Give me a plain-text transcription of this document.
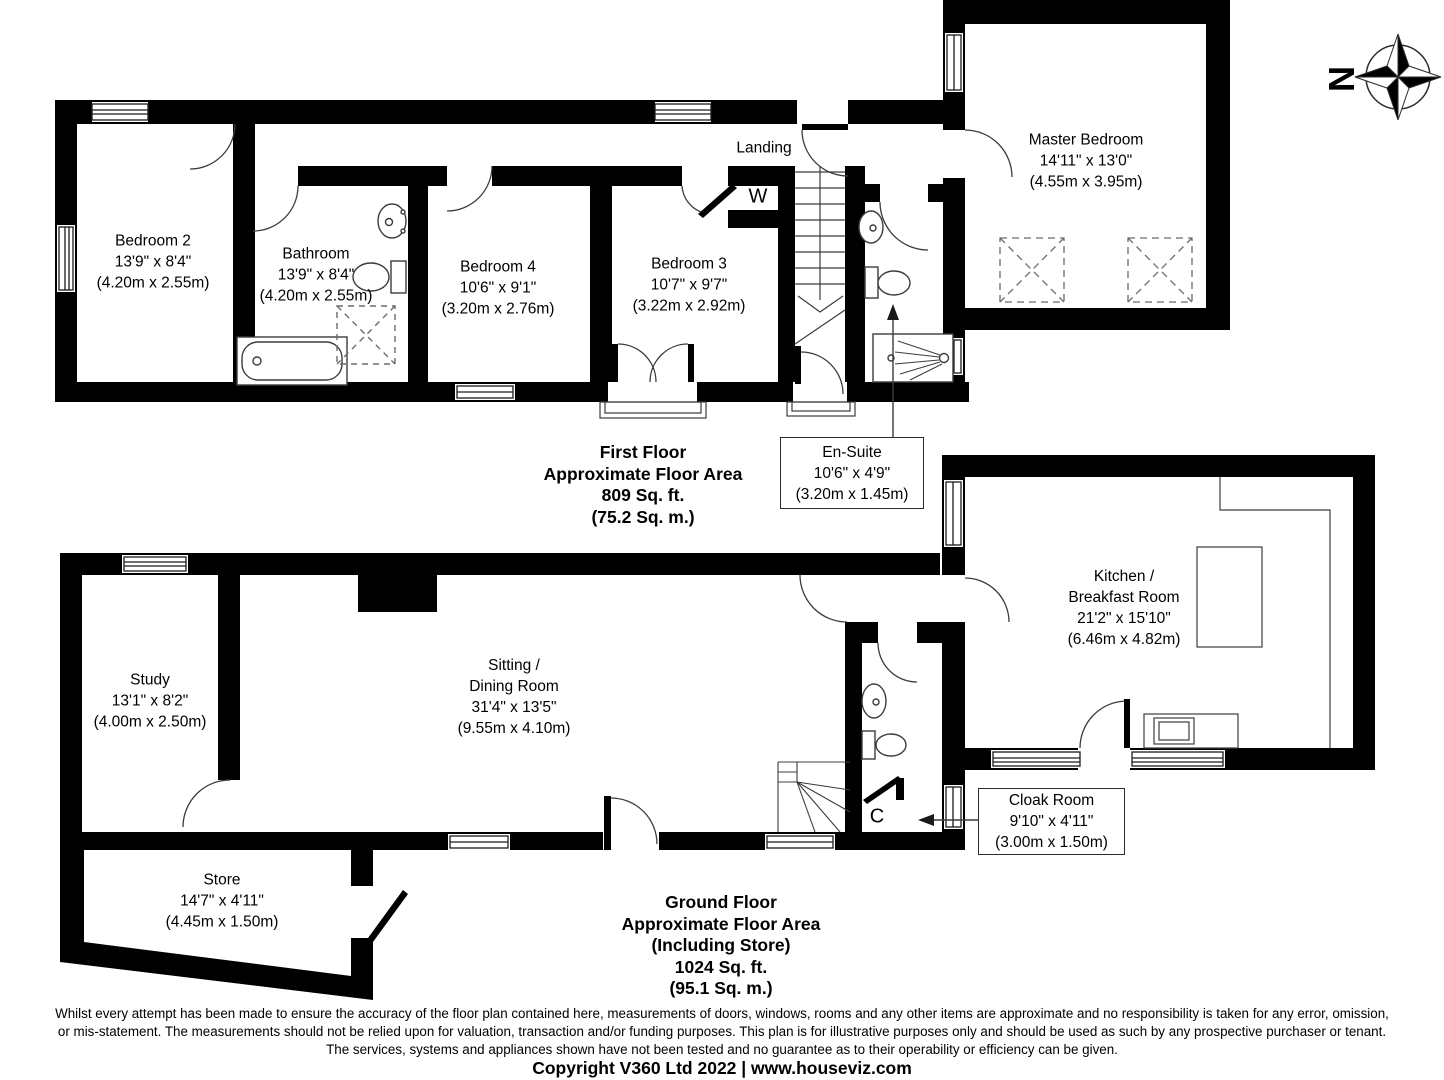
Bedroom 2
13'9" x 8'4"
(4.20m x 2.55m)
Bathroom
13'9" x 8'4"
(4.20m x 2.55m)
Bedroom 4
10'6" x 9'1"
(3.20m x 2.76m)
Bedroom 3
10'7" x 9'7"
(3.22m x 2.92m)
Landing
W
Master Bedroom
14'11" x 13'0"
(4.55m x 3.95m)
Study
13'1" x 8'2"
(4.00m x 2.50m)
Sitting /
Dining Room
31'4" x 13'5"
(9.55m x 4.10m)
Kitchen /
Breakfast Room
21'2" x 15'10"
(6.46m x 4.82m)
Store
14'7" x 4'11"
(4.45m x 1.50m)
C
En-Suite
10'6" x 4'9"
(3.20m x 1.45m)
Cloak Room
9'10" x 4'11"
(3.00m x 1.50m)
First Floor
Approximate Floor Area
809 Sq. ft.
(75.2 Sq. m.)
Ground Floor
Approximate Floor Area
(Including Store)
1024 Sq. ft.
(95.1 Sq. m.)
N
Whilst every attempt has been made to ensure the accuracy of the floor plan contained here, measurements of doors, windows, rooms and any other items are approximate and no responsibility is taken for any error, omission,
or mis-statement. The measurements should not be relied upon for valuation, transaction and/or funding purposes. This plan is for illustrative purposes only and should be used as such by any prospective purchaser or tenant.
The services, systems and appliances shown have not been tested and no guarantee as to their operability or efficiency can be given.
Copyright V360 Ltd 2022 | www.houseviz.com
